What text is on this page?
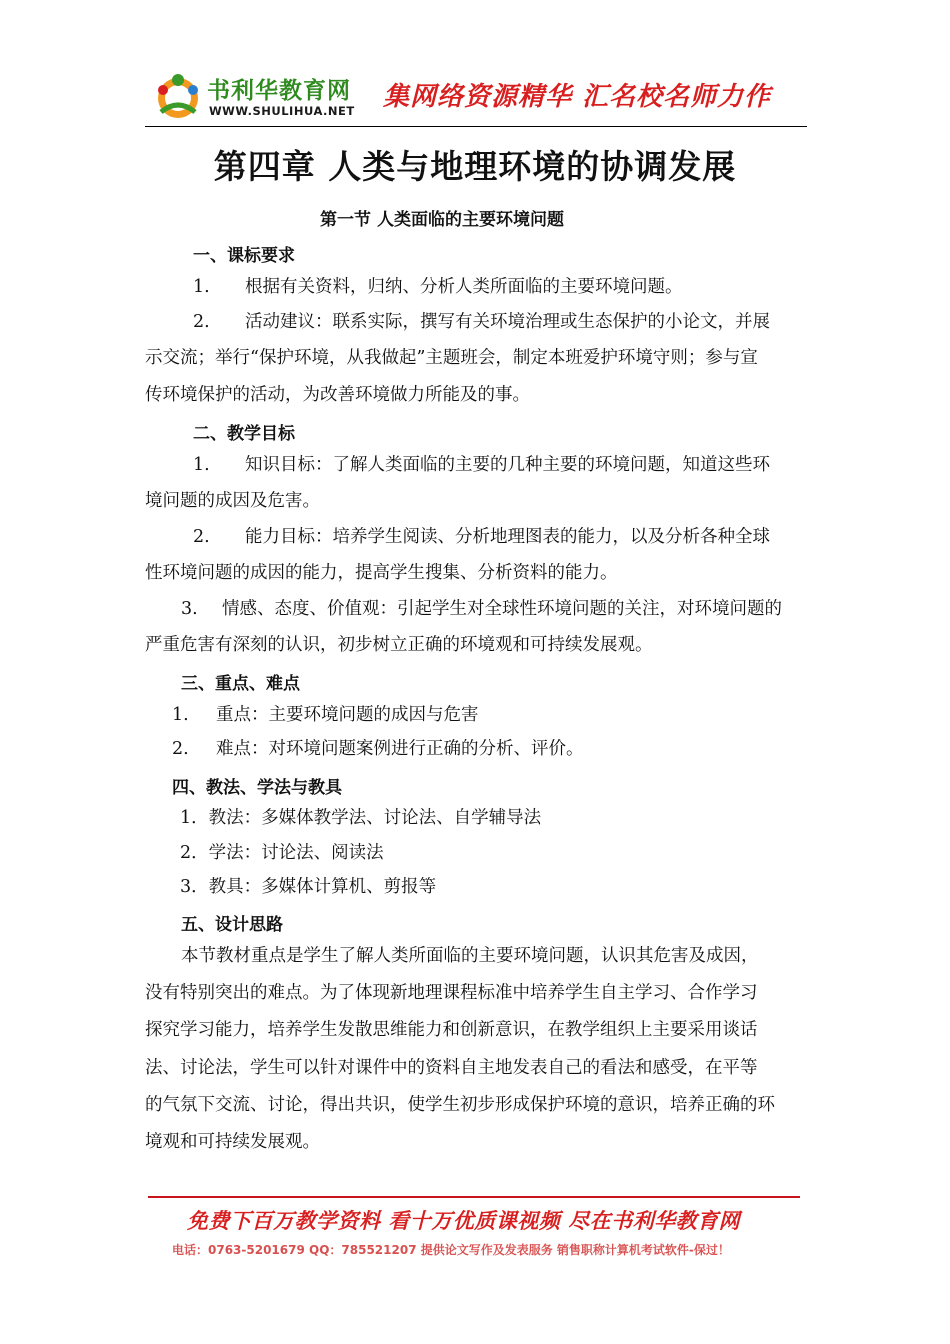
书利华教育网
WWW.SHULIHUA.NET 集网络资源精华 汇名校名师力作
第四章 人类与地理环境的协调发展
第一节 人类面临的主要环境问题
一、课标要求
1. 根据有关资料，归纳、分析人类所面临的主要环境问题。
2. 活动建议：联系实际，撰写有关环境治理或生态保护的小论文，并展
示交流；举行“保护环境，从我做起”主题班会，制定本班爱护环境守则；参与宣
传环境保护的活动，为改善环境做力所能及的事。
二、教学目标
1. 知识目标：了解人类面临的主要的几种主要的环境问题，知道这些环
境问题的成因及危害。
2. 能力目标：培养学生阅读、分析地理图表的能力，以及分析各种全球
性环境问题的成因的能力，提高学生搜集、分析资料的能力。
3. 情感、态度、价值观：引起学生对全球性环境问题的关注，对环境问题的
严重危害有深刻的认识，初步树立正确的环境观和可持续发展观。
三、重点、难点
1. 重点：主要环境问题的成因与危害
2. 难点：对环境问题案例进行正确的分析、评价。
四、教法、学法与教具
1．教法：多媒体教学法、讨论法、自学辅导法
2．学法：讨论法、阅读法
3．教具：多媒体计算机、剪报等
五、设计思路
本节教材重点是学生了解人类所面临的主要环境问题，认识其危害及成因，
没有特别突出的难点。为了体现新地理课程标准中培养学生自主学习、合作学习
探究学习能力，培养学生发散思维能力和创新意识，在教学组织上主要采用谈话
法、讨论法，学生可以针对课件中的资料自主地发表自己的看法和感受，在平等
的气氛下交流、讨论，得出共识，使学生初步形成保护环境的意识，培养正确的环
境观和可持续发展观。
免费下百万教学资料 看十万优质课视频 尽在书利华教育网
电话：0763-5201679 QQ：785521207 提供论文写作及发表服务 销售职称计算机考试软件-保过！
